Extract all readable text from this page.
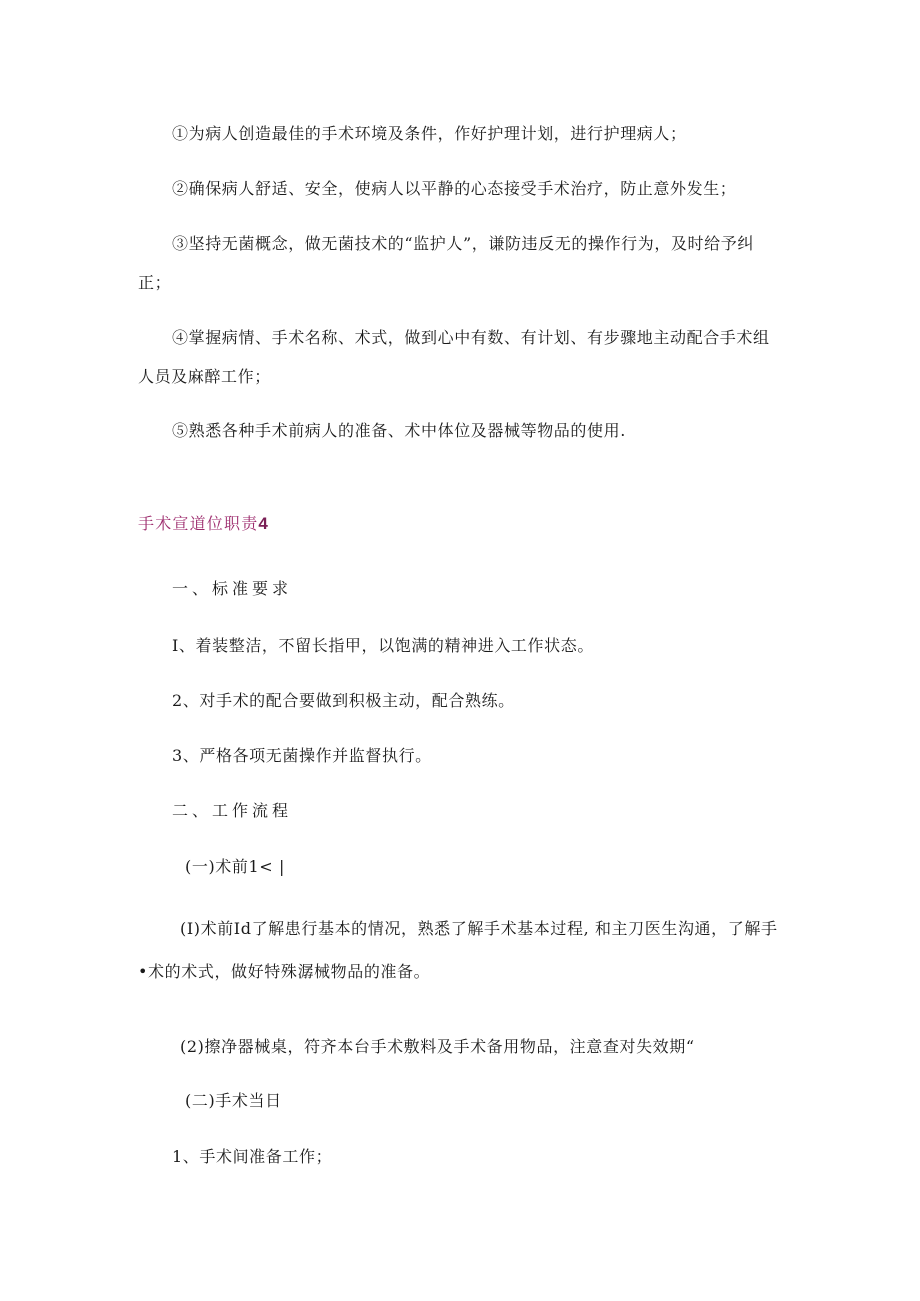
①为病人创造最佳的手术环境及条件，作好护理计划，进行护理病人；
②确保病人舒适、安全，使病人以平静的心态接受手术治疗，防止意外发生；
③坚持无菌概念，做无菌技术的“监护人”，谦防违反无的操作行为，及时给予纠
正；
④掌握病情、手术名称、术式，做到心中有数、有计划、有步骤地主动配合手术组
人员及麻醉工作；
⑤熟悉各种手术前病人的准备、术中体位及器械等物品的使用.
手术宣道位职责4
一、标准要求
I、着装整洁，不留长指甲，以饱满的精神进入工作状态。
2、对手术的配合要做到积极主动，配合熟练。
3、严格各项无菌操作并监督执行。
二、工作流程
(一)术前1< |
(I)术前Id了解患行基本的情况，熟悉了解手术基本过程, 和主刀医生沟通，了解手
•术的术式，做好特殊潺械物品的准备。
(2)擦净器械桌，符齐本台手术敷料及手术备用物品，注意查对失效期“
(二)手术当日
1、手术间准备工作；
